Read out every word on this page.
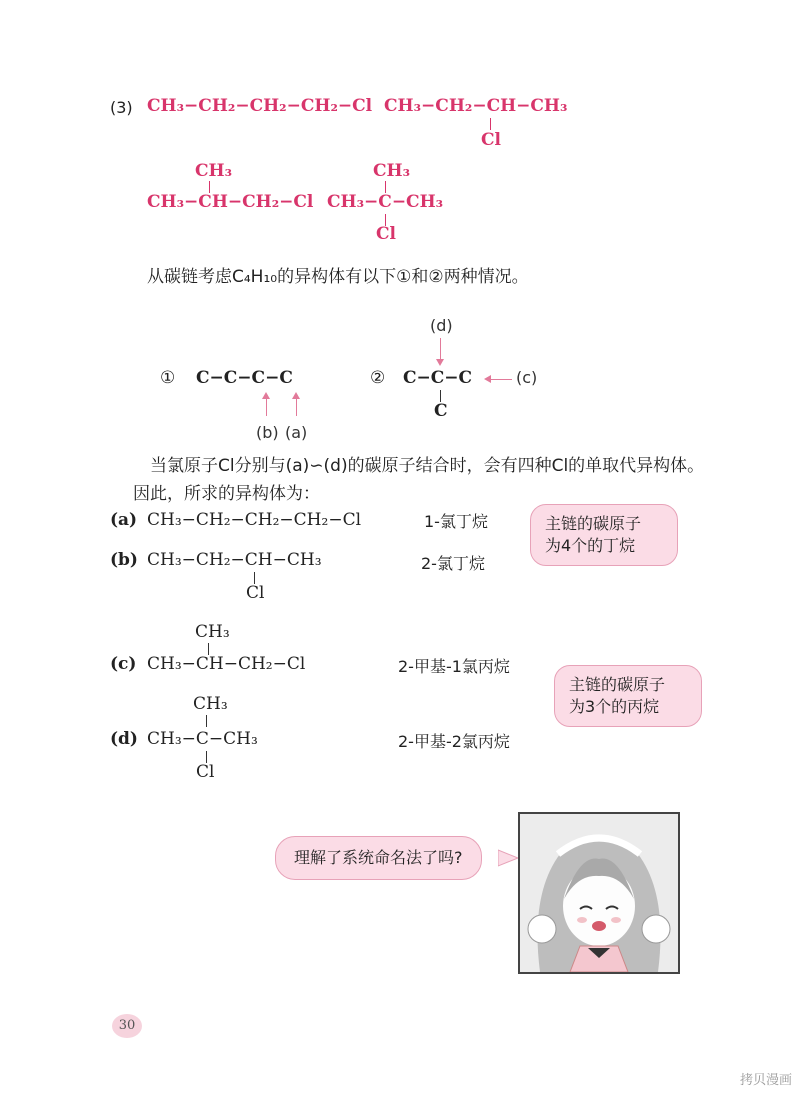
(3) CH₃−CH₂−CH₂−CH₂−Cl CH₃−CH₂−CH−CH₃
Cl
CH₃
CH₃−CH−CH₂−Cl
CH₃
CH₃−C−CH₃
Cl
从碳链考虑C₄H₁₀的异构体有以下①和②两种情况。
① C−C−C−C
(b) (a)
(d)
② C−C−C	(c)
C
当氯原子Cl分别与(a)∽(d)的碳原子结合时，会有四种Cl的单取代异构体。
因此，所求的异构体为：
(a) CH₃−CH₂−CH₂−CH₂−Cl	1-氯丁烷
(b) CH₃−CH₂−CH−CH₃
Cl
2-氯丁烷
主链的碳原子
为4个的丁烷
CH₃
(c) CH₃−CH−CH₂−Cl	2-甲基-1氯丙烷
主链的碳原子
为3个的丙烷
CH₃
(d) CH₃−C−CH₃
Cl
2-甲基-2氯丙烷
理解了系统命名法了吗?
30
拷贝漫画
